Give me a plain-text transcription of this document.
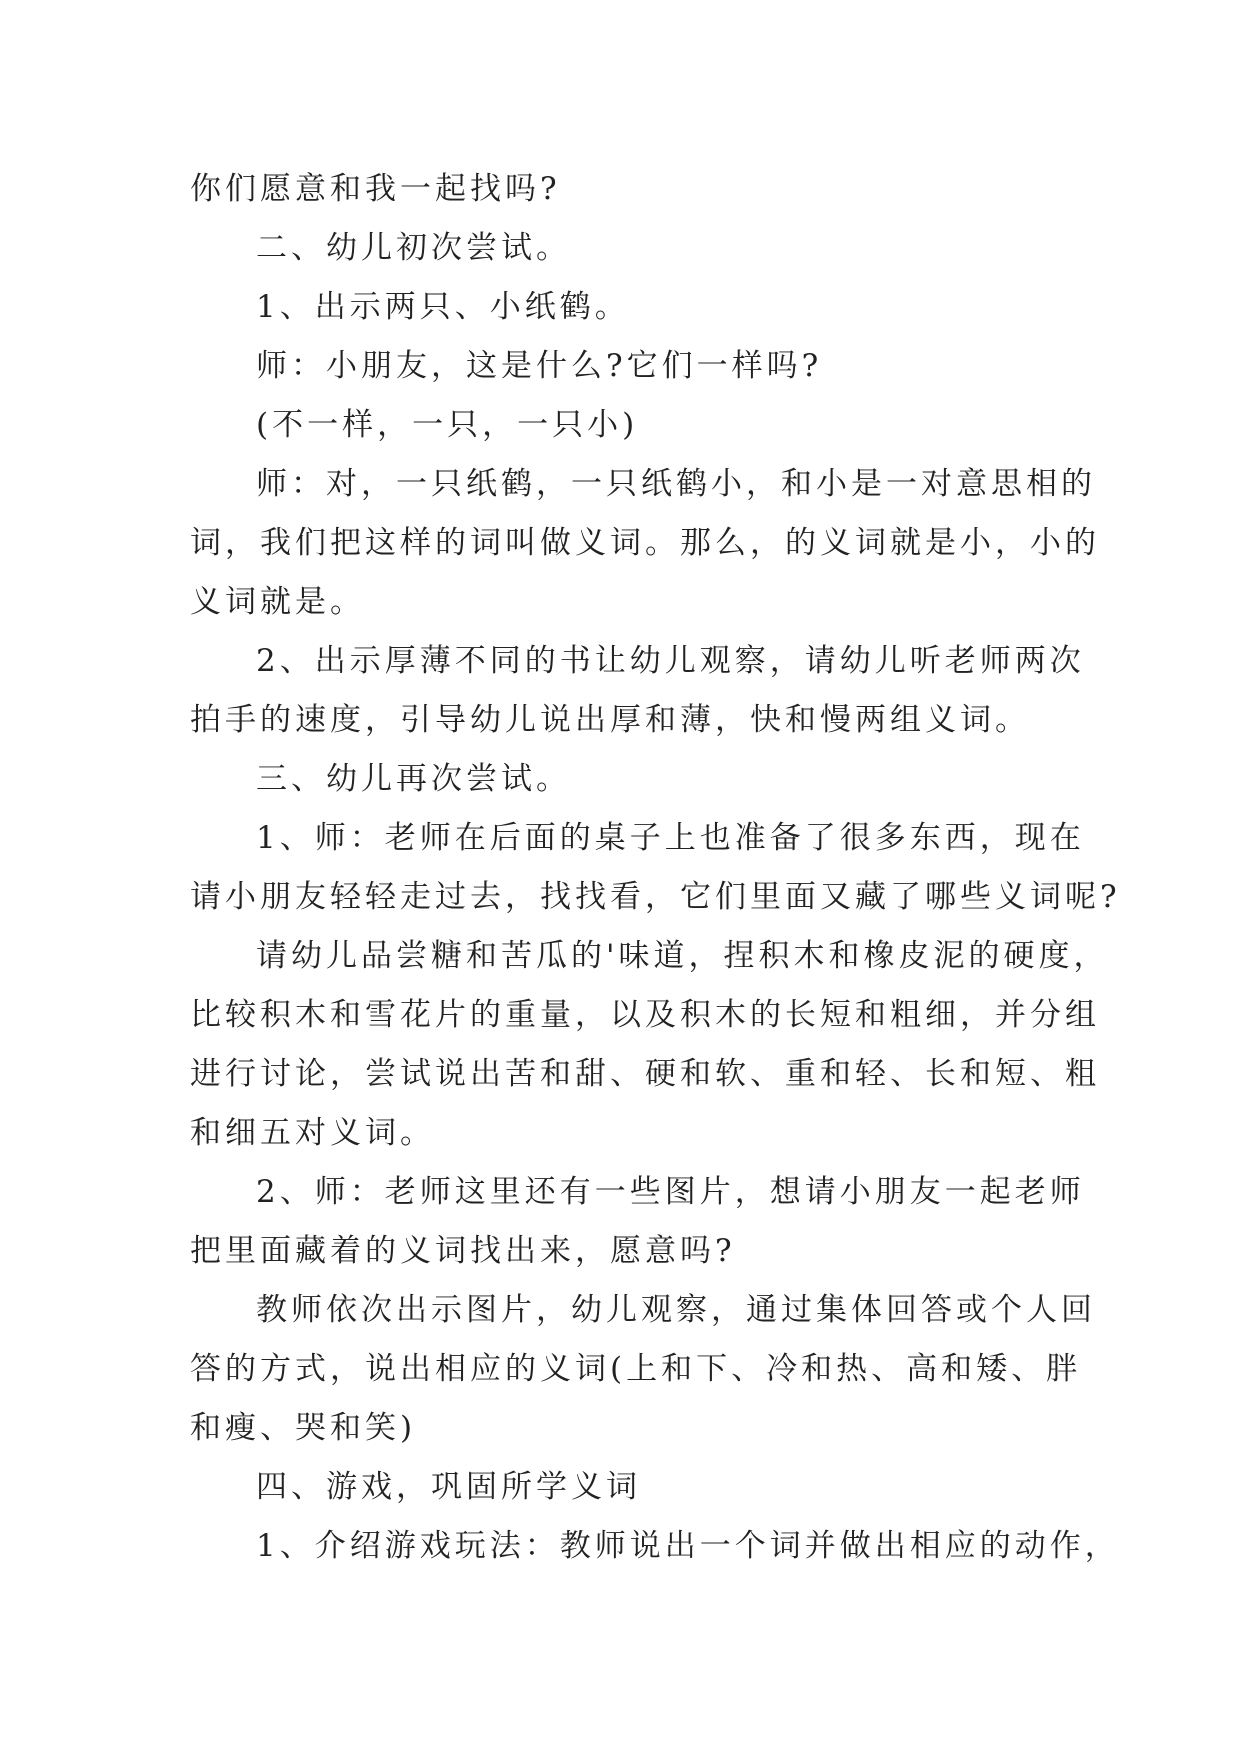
你们愿意和我一起找吗?
二、幼儿初次尝试。
1、出示两只、小纸鹤。
师：小朋友，这是什么?它们一样吗?
(不一样，一只，一只小)
师：对，一只纸鹤，一只纸鹤小，和小是一对意思相的
词，我们把这样的词叫做义词。那么，的义词就是小，小的
义词就是。
2、出示厚薄不同的书让幼儿观察，请幼儿听老师两次
拍手的速度，引导幼儿说出厚和薄，快和慢两组义词。
三、幼儿再次尝试。
1、师：老师在后面的桌子上也准备了很多东西，现在
请小朋友轻轻走过去，找找看，它们里面又藏了哪些义词呢?
请幼儿品尝糖和苦瓜的'味道，捏积木和橡皮泥的硬度，
比较积木和雪花片的重量，以及积木的长短和粗细，并分组
进行讨论，尝试说出苦和甜、硬和软、重和轻、长和短、粗
和细五对义词。
2、师：老师这里还有一些图片，想请小朋友一起老师
把里面藏着的义词找出来，愿意吗?
教师依次出示图片，幼儿观察，通过集体回答或个人回
答的方式，说出相应的义词(上和下、冷和热、高和矮、胖
和瘦、哭和笑)
四、游戏，巩固所学义词
1、介绍游戏玩法：教师说出一个词并做出相应的动作，
